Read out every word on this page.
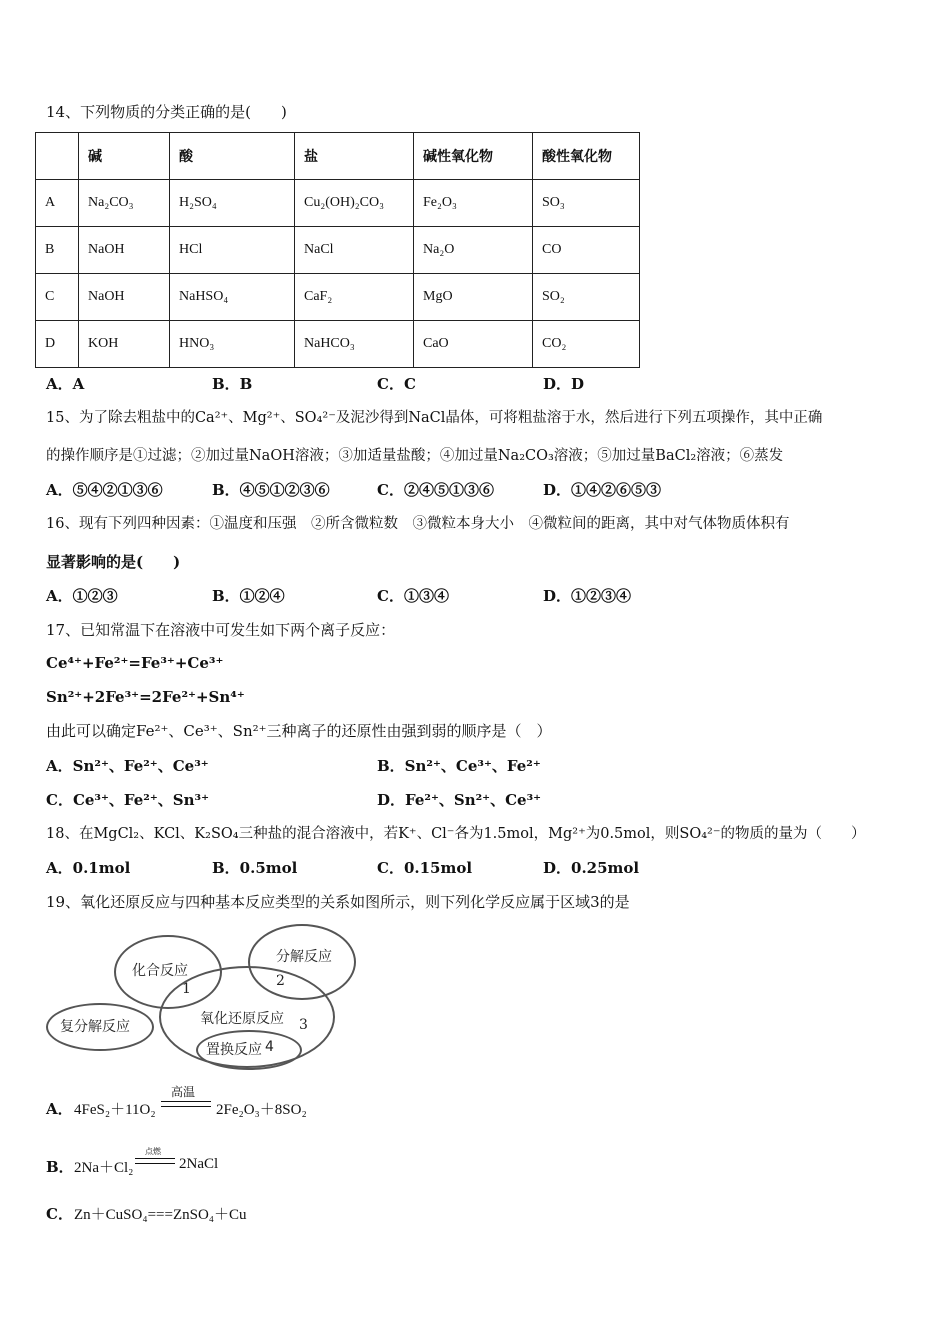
14、下列物质的分类正确的是(　　)
	碱	酸	盐	碱性氧化物	酸性氧化物
A	Na₂CO₃	H₂SO₄	Cu₂(OH)₂CO₃	Fe₂O₃	SO₃
B	NaOH	HCl	NaCl	Na₂O	CO
C	NaOH	NaHSO₄	CaF₂	MgO	SO₂
D	KOH	HNO₃	NaHCO₃	CaO	CO₂
A．A	B．B	C．C	D．D
15、为了除去粗盐中的Ca²⁺、Mg²⁺、SO₄²⁻及泥沙得到NaCl晶体，可将粗盐溶于水，然后进行下列五项操作，其中正确
的操作顺序是①过滤；②加过量NaOH溶液；③加适量盐酸；④加过量Na₂CO₃溶液；⑤加过量BaCl₂溶液；⑥蒸发
A．⑤④②①③⑥	B．④⑤①②③⑥	C．②④⑤①③⑥	D．①④②⑥⑤③
16、现有下列四种因素：①温度和压强　②所含微粒数　③微粒本身大小　④微粒间的距离，其中对气体物质体积有
显著影响的是(　　)
A．①②③	B．①②④	C．①③④	D．①②③④
17、已知常温下在溶液中可发生如下两个离子反应：
Ce⁴⁺+Fe²⁺=Fe³⁺+Ce³⁺
Sn²⁺+2Fe³⁺=2Fe²⁺+Sn⁴⁺
由此可以确定Fe²⁺、Ce³⁺、Sn²⁺三种离子的还原性由强到弱的顺序是（　）
A．Sn²⁺、Fe²⁺、Ce³⁺	B．Sn²⁺、Ce³⁺、Fe²⁺
C．Ce³⁺、Fe²⁺、Sn³⁺	D．Fe²⁺、Sn²⁺、Ce³⁺
18、在MgCl₂、KCl、K₂SO₄三种盐的混合溶液中，若K⁺、Cl⁻各为1.5mol，Mg²⁺为0.5mol，则SO₄²⁻的物质的量为（　　）
A．0.1mol	B．0.5mol	C．0.15mol	D．0.25mol
19、氧化还原反应与四种基本反应类型的关系如图所示，则下列化学反应属于区域3的是
化合反应
分解反应
复分解反应	氧化还原反应
置换反应
1	2
3
4
A． 4FeS₂＋11O₂
高温
2Fe₂O₃＋8SO₂
B． 2Na＋Cl₂
点燃
2NaCl
C． Zn＋CuSO₄===ZnSO₄＋Cu
